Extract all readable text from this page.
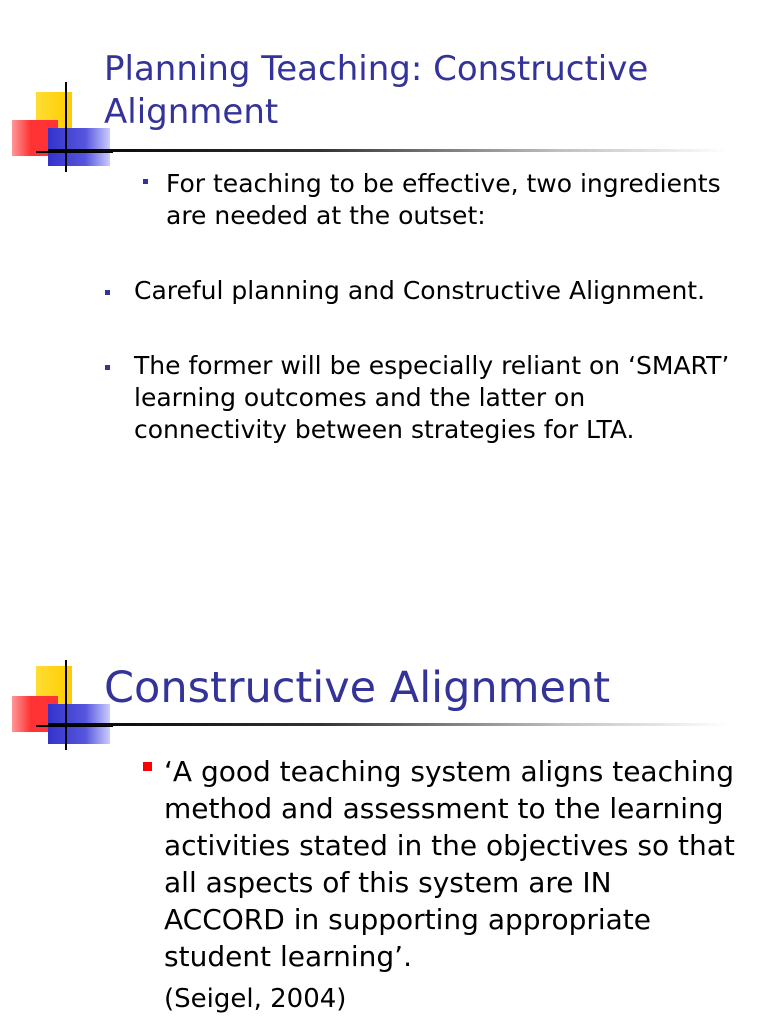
Planning Teaching: Constructive Alignment
For teaching to be effective, two ingredients are needed at the outset:
Careful planning and Constructive Alignment.
The former will be especially reliant on ‘SMART’ learning outcomes and the latter on connectivity between strategies for LTA.
Constructive Alignment
‘A good teaching system aligns teaching method and assessment to the learning activities stated in the objectives so that all aspects of this system are IN ACCORD in supporting appropriate student learning’.

(Seigel, 2004)
